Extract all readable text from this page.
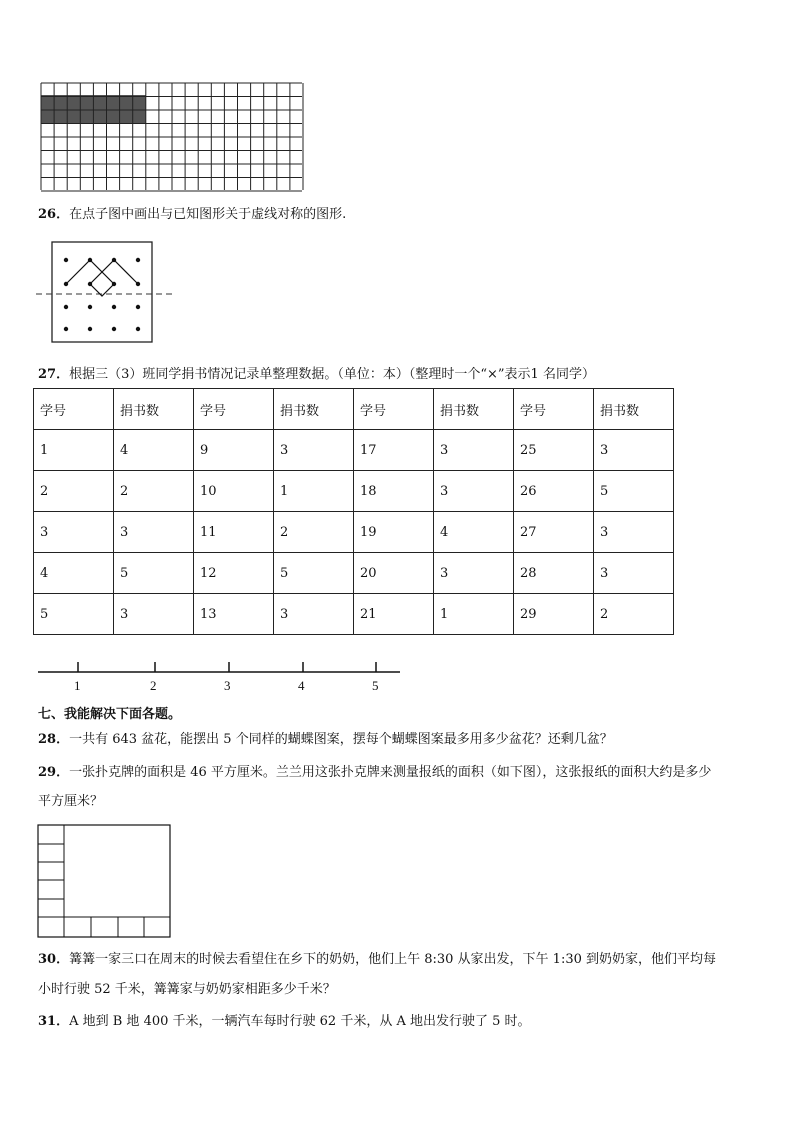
26．在点子图中画出与已知图形关于虚线对称的图形.
27．根据三（3）班同学捐书情况记录单整理数据。（单位：本）（整理时一个“×”表示1 名同学）
学号	捐书数	学号	捐书数	学号	捐书数	学号	捐书数
1	4	9	3	17	3	25	3
2	2	10	1	18	3	26	5
3	3	11	2	19	4	27	3
4	5	12	5	20	3	28	3
5	3	13	3	21	1	29	2
1	2	3	4	5
七、我能解决下面各题。
28．一共有 643 盆花，能摆出 5 个同样的蝴蝶图案，摆每个蝴蝶图案最多用多少盆花？还剩几盆？
29．一张扑克牌的面积是 46 平方厘米。兰兰用这张扑克牌来测量报纸的面积（如下图），这张报纸的面积大约是多少
平方厘米？
30．篝篝一家三口在周末的时候去看望住在乡下的奶奶，他们上午 8:30 从家出发，下午 1:30 到奶奶家，他们平均每
小时行驶 52 千米，篝篝家与奶奶家相距多少千米？
31．A 地到 B 地 400 千米，一辆汽车每时行驶 62 千米，从 A 地出发行驶了 5 时。
